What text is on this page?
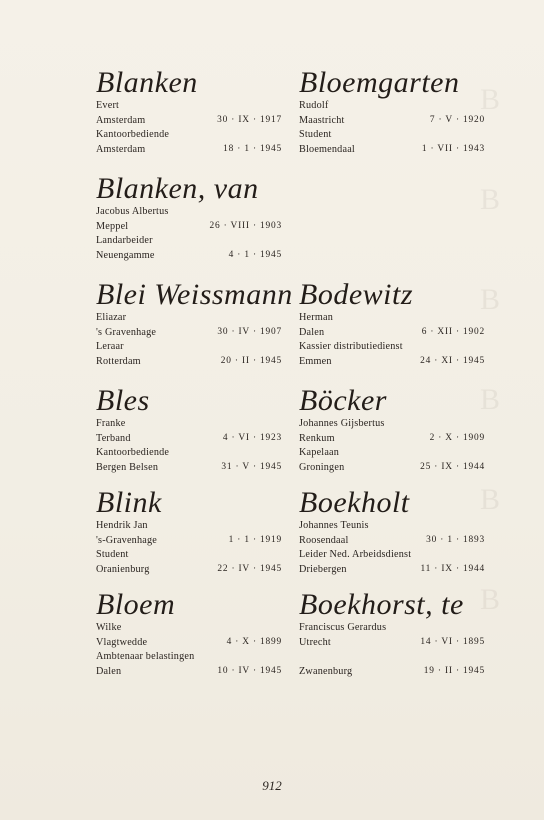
B
B
B
B
B
B
Blanken
Evert
Amsterdam	30 · IX · 1917
Kantoorbediende
Amsterdam	18 · 1 · 1945
Blanken, van
Jacobus Albertus
Meppel	26 · VIII · 1903
Landarbeider
Neuengamme	4 · 1 · 1945
Blei Weissmann
Eliazar
's Gravenhage	30 · IV · 1907
Leraar
Rotterdam	20 · II · 1945
Bles
Franke
Terband	4 · VI · 1923
Kantoorbediende
Bergen Belsen	31 · V · 1945
Blink
Hendrik Jan
's-Gravenhage	1 · 1 · 1919
Student
Oranienburg	22 · IV · 1945
Bloem
Wilke
Vlagtwedde	4 · X · 1899
Ambtenaar belastingen
Dalen	10 · IV · 1945
Bloemgarten
Rudolf
Maastricht	7 · V · 1920
Student
Bloemendaal	1 · VII · 1943
Bodewitz
Herman
Dalen	6 · XII · 1902
Kassier distributiedienst
Emmen	24 · XI · 1945
Böcker
Johannes Gijsbertus
Renkum	2 · X · 1909
Kapelaan
Groningen	25 · IX · 1944
Boekholt
Johannes Teunis
Roosendaal	30 · 1 · 1893
Leider Ned. Arbeidsdienst
Driebergen	11 · IX · 1944
Boekhorst, te
Franciscus Gerardus
Utrecht	14 · VI · 1895
Zwanenburg	19 · II · 1945
912
